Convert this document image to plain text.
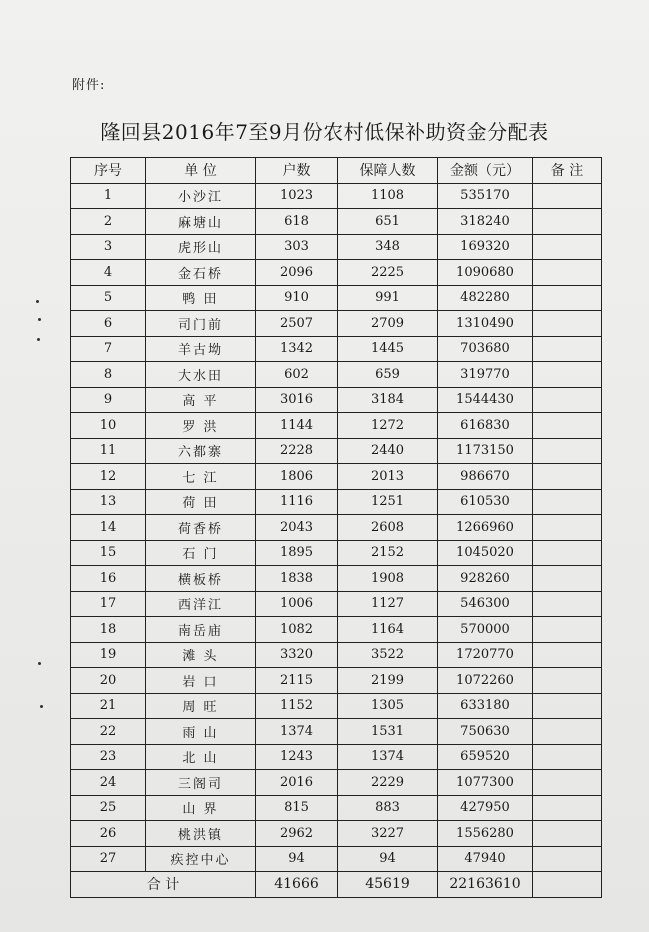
附件:
隆回县2016年7至9月份农村低保补助资金分配表
序号	单 位	户数	保障人数	金额（元）	备 注
1	小沙江	1023	1108	535170	
2	麻塘山	618	651	318240	
3	虎形山	303	348	169320	
4	金石桥	2096	2225	1090680	
5	鸭 田	910	991	482280	
6	司门前	2507	2709	1310490	
7	羊古坳	1342	1445	703680	
8	大水田	602	659	319770	
9	高 平	3016	3184	1544430	
10	罗 洪	1144	1272	616830	
11	六都寨	2228	2440	1173150	
12	七 江	1806	2013	986670	
13	荷 田	1116	1251	610530	
14	荷香桥	2043	2608	1266960	
15	石 门	1895	2152	1045020	
16	横板桥	1838	1908	928260	
17	西洋江	1006	1127	546300	
18	南岳庙	1082	1164	570000	
19	滩 头	3320	3522	1720770	
20	岩 口	2115	2199	1072260	
21	周 旺	1152	1305	633180	
22	雨 山	1374	1531	750630	
23	北 山	1243	1374	659520	
24	三阁司	2016	2229	1077300	
25	山 界	815	883	427950	
26	桃洪镇	2962	3227	1556280	
27	疾控中心	94	94	47940	
合 计		41666	45619	22163610	
